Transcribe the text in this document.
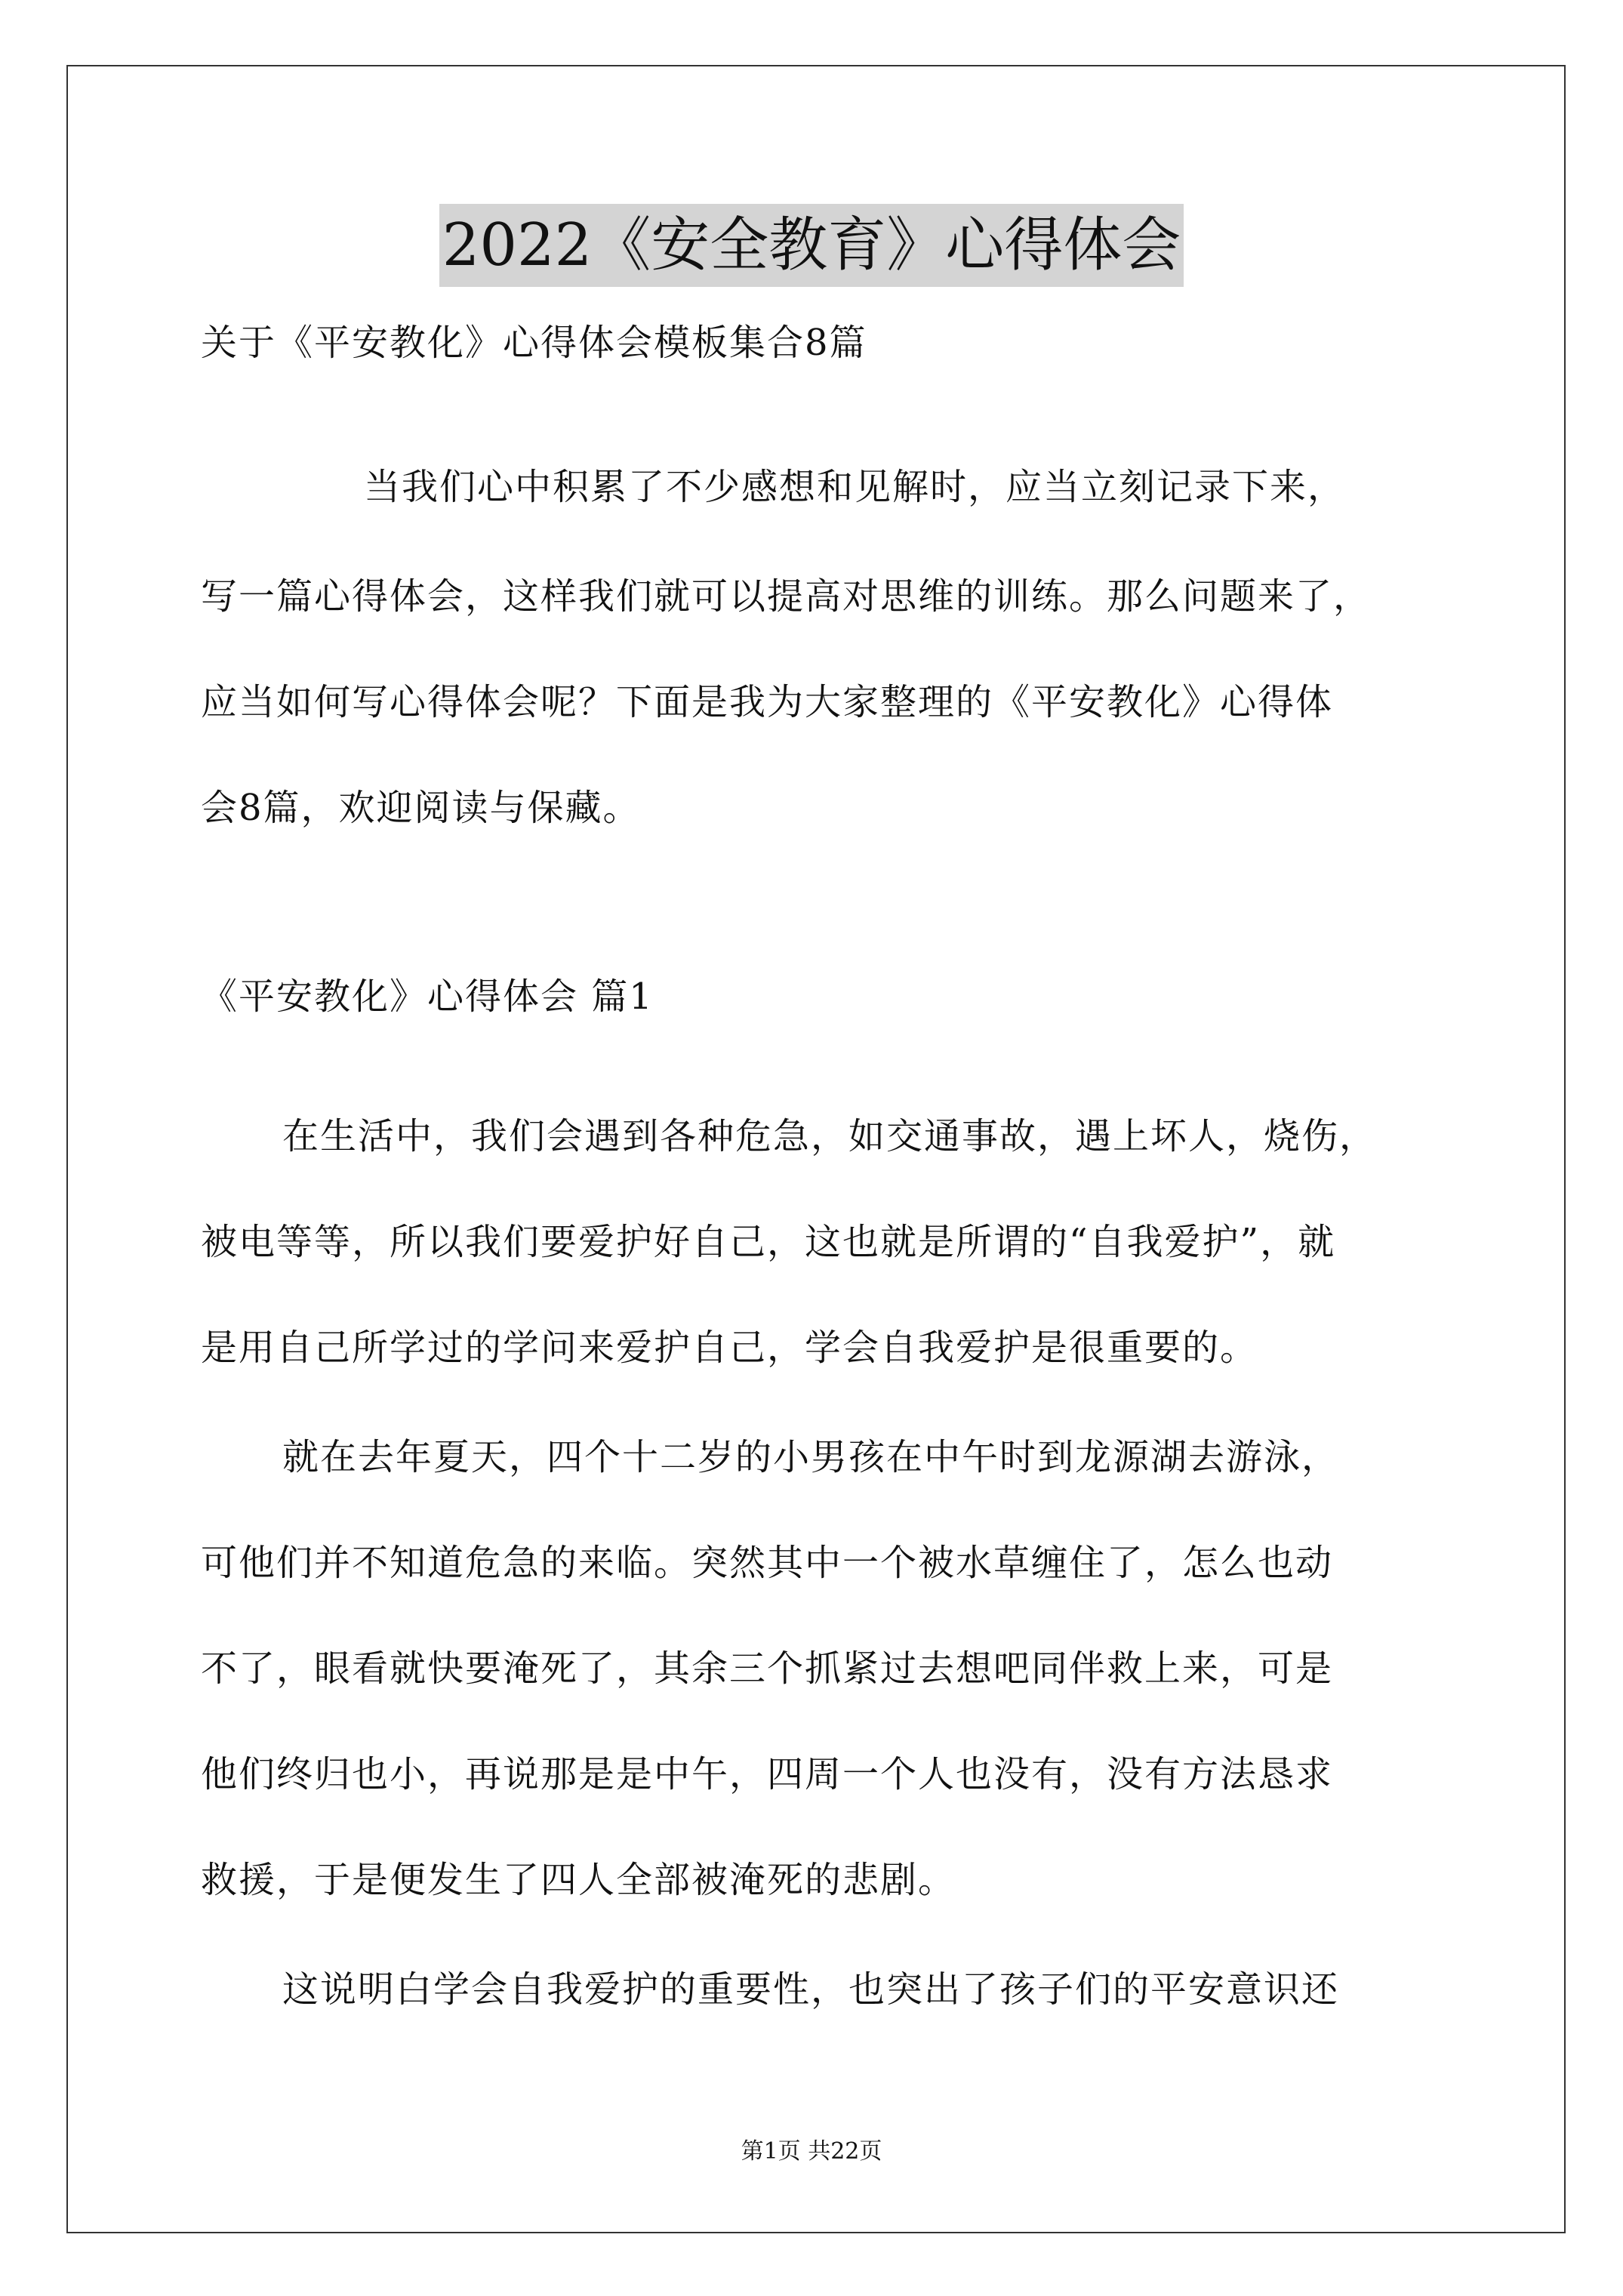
2022《安全教育》心得体会
关于《平安教化》心得体会模板集合8篇
当我们心中积累了不少感想和见解时，应当立刻记录下来，
写一篇心得体会，这样我们就可以提高对思维的训练。那么问题来了，
应当如何写心得体会呢？下面是我为大家整理的《平安教化》心得体
会8篇，欢迎阅读与保藏。
《平安教化》心得体会 篇1
在生活中，我们会遇到各种危急，如交通事故，遇上坏人，烧伤，
被电等等，所以我们要爱护好自己，这也就是所谓的“自我爱护”，就
是用自己所学过的学问来爱护自己，学会自我爱护是很重要的。
就在去年夏天，四个十二岁的小男孩在中午时到龙源湖去游泳，
可他们并不知道危急的来临。突然其中一个被水草缠住了，怎么也动
不了，眼看就快要淹死了，其余三个抓紧过去想吧同伴救上来，可是
他们终归也小，再说那是是中午，四周一个人也没有，没有方法恳求
救援，于是便发生了四人全部被淹死的悲剧。
这说明白学会自我爱护的重要性，也突出了孩子们的平安意识还
第1页 共22页
